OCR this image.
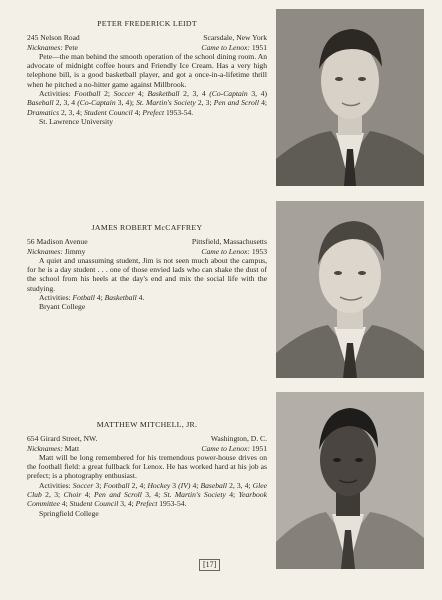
PETER FREDERICK LEIDT
245 Nelson Road	Scarsdale, New York
Nicknames: Pete	Came to Lenox: 1951
Pete—the man behind the smooth operation of the school dining room. An advocate of midnight coffee hours and Friendly Ice Cream. Has a very high telephone bill, is a good basketball player, and got a once-in-a-lifetime thrill when he pitched a no-hitter game against Millbrook.
Activities: Football 2; Soccer 4; Basketball 2, 3, 4 (Co-Captain 3, 4) Baseball 2, 3, 4 (Co-Captain 3, 4); St. Martin's Society 2, 3; Pen and Scroll 4; Dramatics 2, 3, 4; Student Council 4; Prefect 1953-54.
St. Lawrence University
JAMES ROBERT McCAFFREY
56 Madison Avenue	Pittsfield, Massachusetts
Nicknames: Jimmy	Came to Lenox: 1953
A quiet and unassuming student, Jim is not seen much about the campus, for he is a day student . . . one of those envied lads who can shake the dust of the school from his heels at the day's end and mix the social life with the studying.
Activities: Fotball 4; Basketball 4.
Bryant College
MATTHEW MITCHELL, JR.
654 Girard Street, NW.	Washington, D. C.
Nicknames: Matt	Came to Lenox: 1951
Matt will be long remembered for his tremendous power-house drives on the football field: a great fullback for Lenox. He has worked hard at his job as prefect; is a photography enthusiast.
Activities: Soccer 3; Football 2, 4; Hockey 3 (IV) 4; Baseball 2, 3, 4; Glee Club 2, 3; Choir 4; Pen and Scroll 3, 4; St. Martin's Society 4; Yearbook Committee 4; Student Council 3, 4; Prefect 1953-54.
Springfield College
[17]
